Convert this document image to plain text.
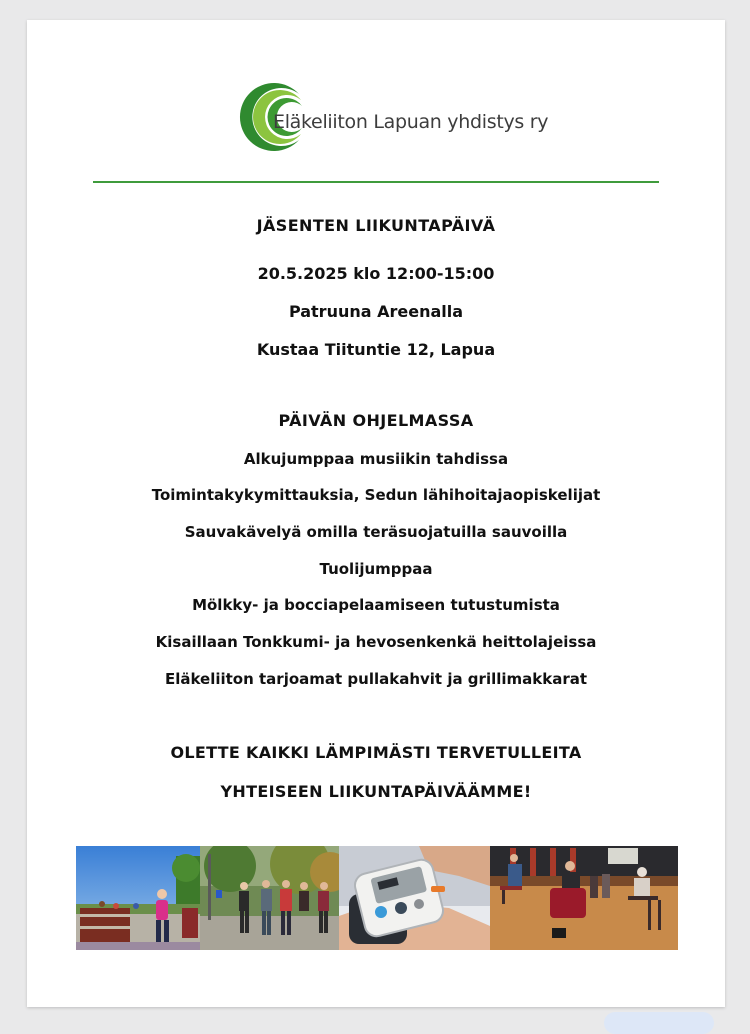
Eläkeliiton Lapuan yhdistys ry
JÄSENTEN LIIKUNTAPÄIVÄ
20.5.2025 klo 12:00-15:00
Patruuna Areenalla
Kustaa Tiituntie 12, Lapua
PÄIVÄN OHJELMASSA
Alkujumppaa musiikin tahdissa
Toimintakykymittauksia, Sedun lähihoitajaopiskelijat
Sauvakävelyä omilla teräsuojatuilla sauvoilla
Tuolijumppaa
Mölkky- ja bocciapelaamiseen tutustumista
Kisaillaan Tonkkumi- ja hevosenkenkä heittolajeissa
Eläkeliiton tarjoamat pullakahvit ja grillimakkarat
OLETTE KAIKKI LÄMPIMÄSTI TERVETULLEITA
YHTEISEEN LIIKUNTAPÄIVÄÄMME!
